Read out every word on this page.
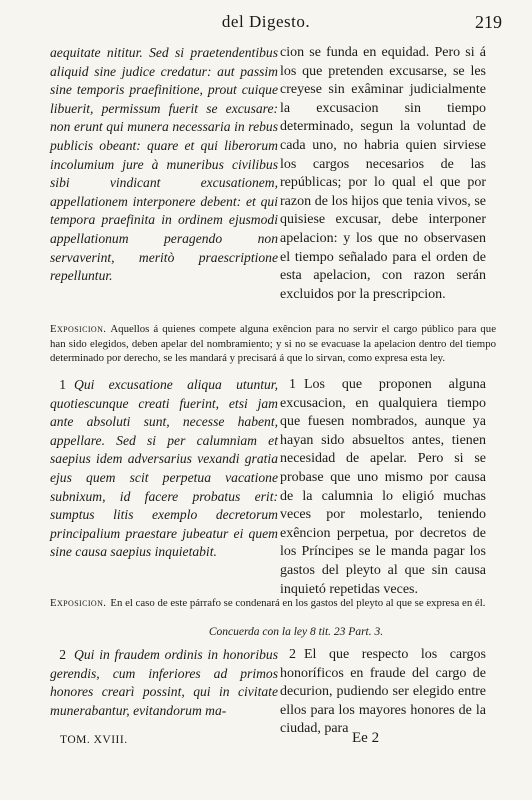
del Digesto.	219

aequitate nititur. Sed si praetendentibus aliquid sine judice credatur: aut passim sine temporis praefinitione, prout cuique libuerit, permissum fuerit se excusare: non erunt qui munera necessaria in rebus publicis obeant: quare et qui liberorum incolumium jure à muneribus civilibus sibi vindicant excusationem, appellationem interponere debent: et qui tempora praefinita in ordinem ejusmodi appellationum peragendo non servaverint, meritò praescriptione repelluntur.

cion se funda en equidad. Pero si á los que pretenden excusarse, se les creyese sin exâminar judicialmente la excusacion sin tiempo determinado, segun la voluntad de cada uno, no habria quien sirviese los cargos necesarios de las repúblicas; por lo qual el que por razon de los hijos que tenia vivos, se quisiese excusar, debe interponer apelacion: y los que no observasen el tiempo señalado para el orden de esta apelacion, con razon serán excluidos por la prescripcion.

Exposicion. Aquellos á quienes compete alguna exêncion para no servir el cargo público para que han sido elegidos, deben apelar del nombramiento; y si no se evacuase la apelacion dentro del tiempo determinado por derecho, se les mandará y precisará á que lo sirvan, como expresa esta ley.

1 Qui excusatione aliqua utuntur, quotiescunque creati fuerint, etsi jam ante absoluti sunt, necesse habent, appellare. Sed si per calumniam et saepius idem adversarius vexandi gratia ejus quem scit perpetua vacatione subnixum, id facere probatus erit: sumptus litis exemplo decretorum principalium praestare jubeatur ei quem sine causa saepius inquietabit.

1 Los que proponen alguna excusacion, en qualquiera tiempo que fuesen nombrados, aunque ya hayan sido absueltos antes, tienen necesidad de apelar. Pero si se probase que uno mismo por causa de la calumnia lo eligió muchas veces por molestarlo, teniendo exêncion perpetua, por decretos de los Príncipes se le manda pagar los gastos del pleyto al que sin causa inquietó repetidas veces.

Exposicion. En el caso de este párrafo se condenará en los gastos del pleyto al que se expresa en él.

Concuerda con la ley 8 tit. 23 Part. 3.

2 Qui in fraudem ordinis in honoribus gerendis, cum inferiores ad primos honores crearì possint, qui in civitate munerabantur, evitandorum ma-

2 El que respecto los cargos honoríficos en fraude del cargo de decurion, pudiendo ser elegido entre ellos para los mayores honores de la ciudad, para

TOM. XVIII.	Ee 2
